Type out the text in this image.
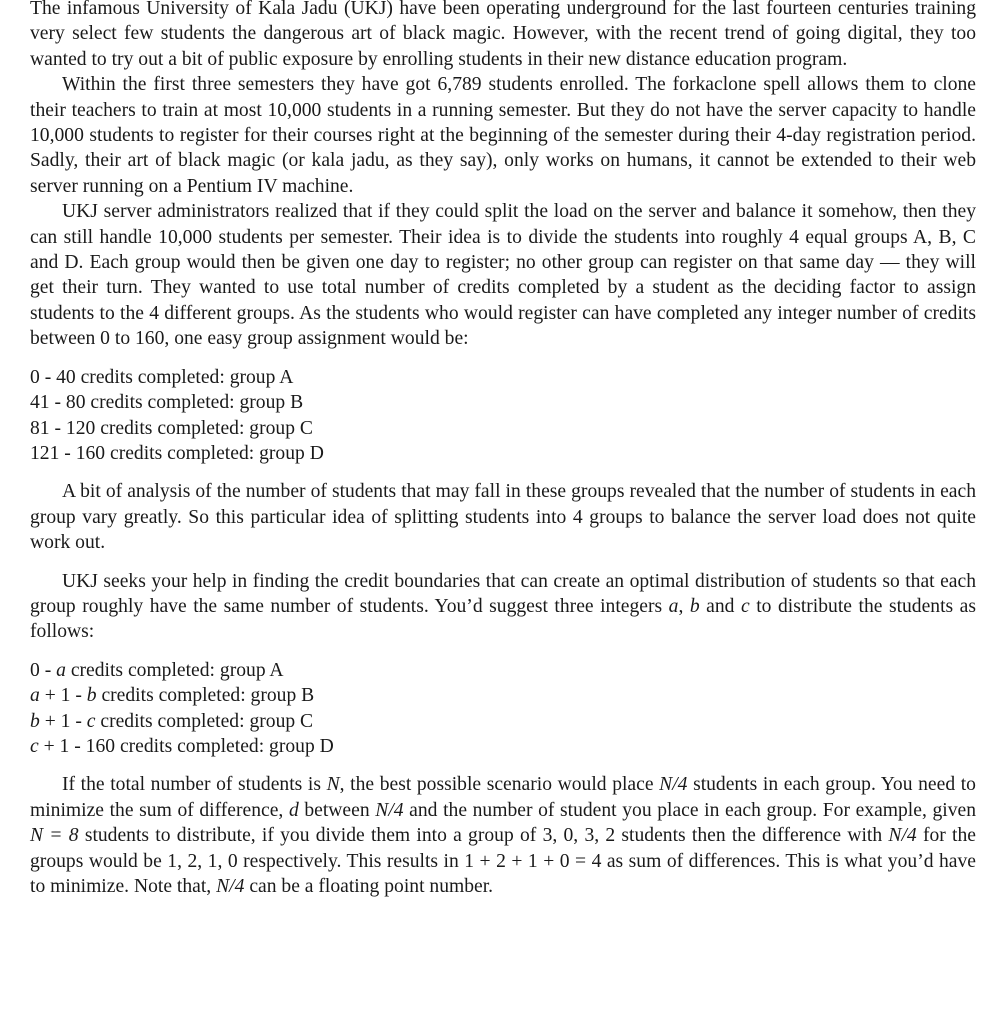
The infamous University of Kala Jadu (UKJ) have been operating underground for the last fourteen centuries training very select few students the dangerous art of black magic. However, with the recent trend of going digital, they too wanted to try out a bit of public exposure by enrolling students in their new distance education program.

Within the first three semesters they have got 6,789 students enrolled. The forkaclone spell allows them to clone their teachers to train at most 10,000 students in a running semester. But they do not have the server capacity to handle 10,000 students to register for their courses right at the beginning of the semester during their 4-day registration period. Sadly, their art of black magic (or kala jadu, as they say), only works on humans, it cannot be extended to their web server running on a Pentium IV machine.

UKJ server administrators realized that if they could split the load on the server and balance it somehow, then they can still handle 10,000 students per semester. Their idea is to divide the students into roughly 4 equal groups A, B, C and D. Each group would then be given one day to register; no other group can register on that same day — they will get their turn. They wanted to use total number of credits completed by a student as the deciding factor to assign students to the 4 different groups. As the students who would register can have completed any integer number of credits between 0 to 160, one easy group assignment would be:

0 - 40 credits completed: group A
41 - 80 credits completed: group B
81 - 120 credits completed: group C
121 - 160 credits completed: group D

A bit of analysis of the number of students that may fall in these groups revealed that the number of students in each group vary greatly. So this particular idea of splitting students into 4 groups to balance the server load does not quite work out.

UKJ seeks your help in finding the credit boundaries that can create an optimal distribution of students so that each group roughly have the same number of students. You’d suggest three integers a, b and c to distribute the students as follows:

0 - a credits completed: group A
a + 1 - b credits completed: group B
b + 1 - c credits completed: group C
c + 1 - 160 credits completed: group D

If the total number of students is N, the best possible scenario would place N/4 students in each group. You need to minimize the sum of difference, d between N/4 and the number of student you place in each group. For example, given N = 8 students to distribute, if you divide them into a group of 3, 0, 3, 2 students then the difference with N/4 for the groups would be 1, 2, 1, 0 respectively. This results in 1 + 2 + 1 + 0 = 4 as sum of differences. This is what you’d have to minimize. Note that, N/4 can be a floating point number.
